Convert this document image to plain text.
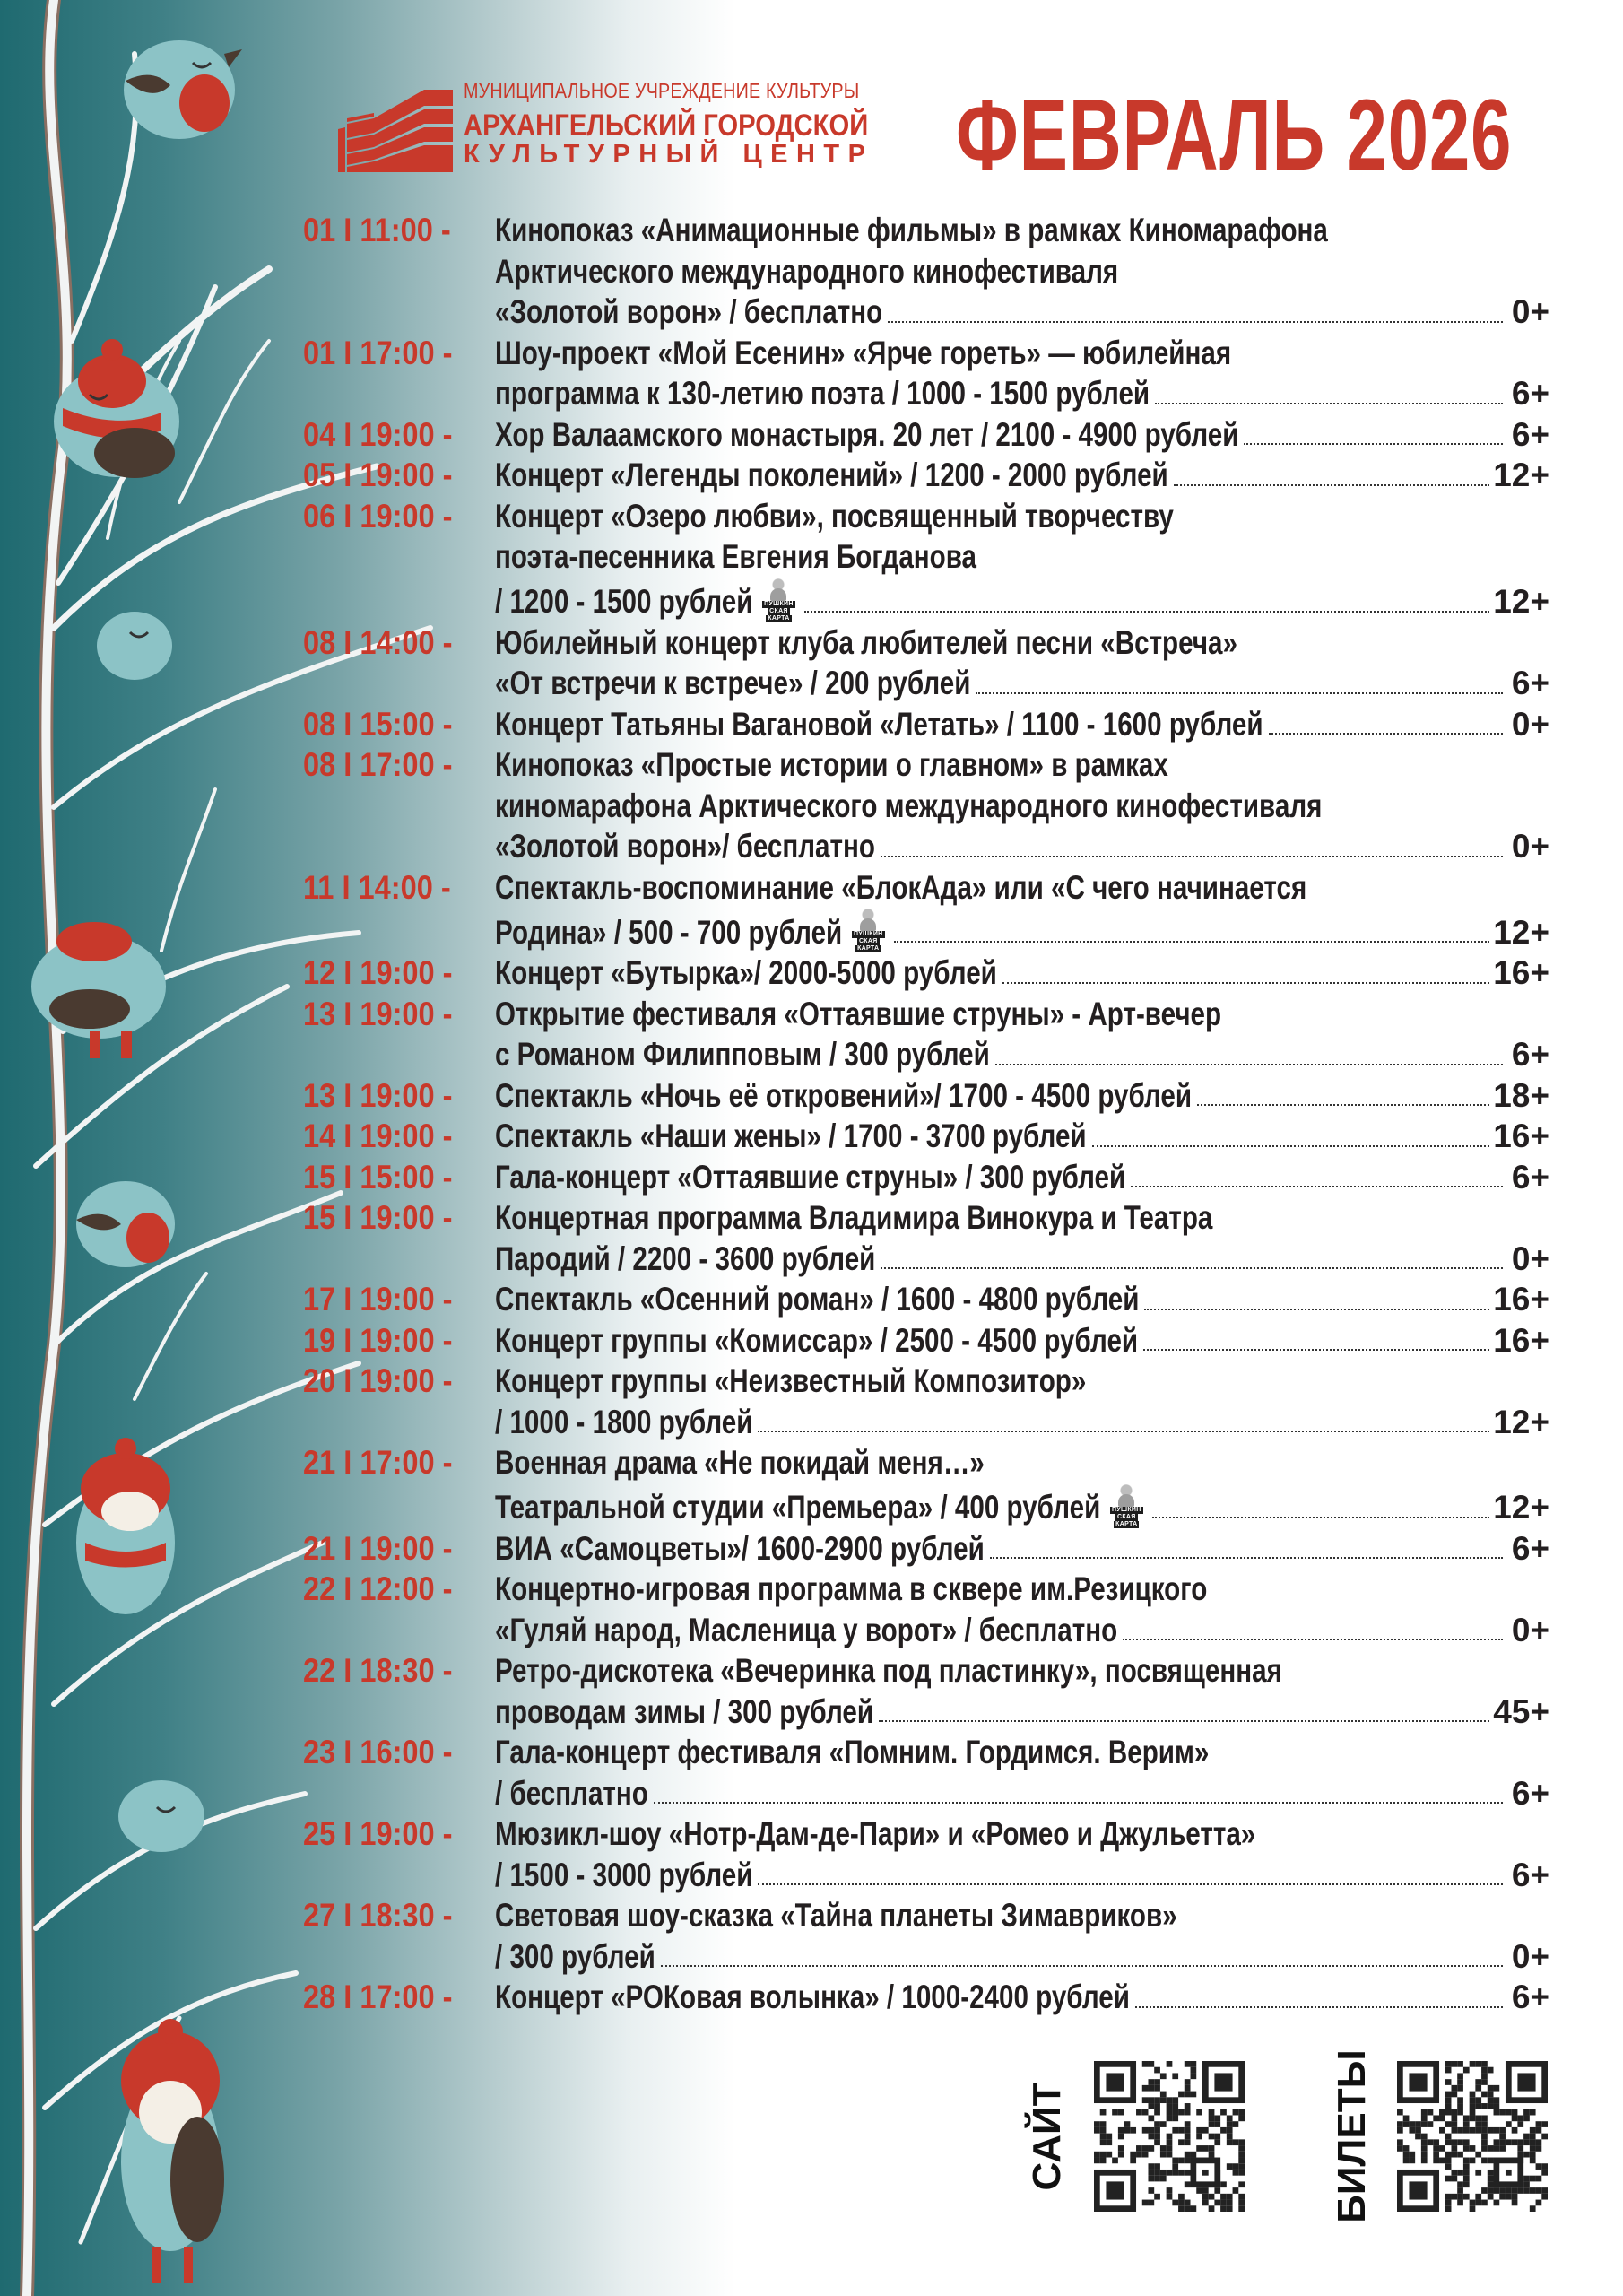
МУНИЦИПАЛЬНОЕ УЧРЕЖДЕНИЕ КУЛЬТУРЫ
АРХАНГЕЛЬСКИЙ ГОРОДСКОЙ
КУЛЬТУРНЫЙ ЦЕНТР ФЕВРАЛЬ 2026
01 I 11:00 -	Кинопоказ «Анимационные фильмы» в рамках Киномарафона
Арктического международного кинофестиваля
«Золотой ворон» / бесплатно	0+
01 I 17:00 -	Шоу-проект «Мой Есенин» «Ярче гореть» — юбилейная
программа к 130-летию поэта / 1000 - 1500 рублей	6+
04 I 19:00 -	Хор Валаамского монастыря. 20 лет / 2100 - 4900 рублей	6+
05 I 19:00 -	Концерт «Легенды поколений» / 1200 - 2000 рублей	12+
06 I 19:00 -	Концерт «Озеро любви», посвященный творчеству
поэта-песенника Евгения Богданова
/ 1200 - 1500 рублей ПУШКИН
СКАЯ
КАРТА	12+
08 I 14:00 -	Юбилейный концерт клуба любителей песни «Встреча»
«От встречи к встрече» / 200 рублей	6+
08 I 15:00 -	Концерт Татьяны Вагановой «Летать» / 1100 - 1600 рублей	0+
08 I 17:00 -	Кинопоказ «Простые истории о главном» в рамках
киномарафона Арктического международного кинофестиваля
«Золотой ворон»/ бесплатно	0+
11 I 14:00 -	Спектакль-воспоминание «БлокАда» или «С чего начинается
Родина» / 500 - 700 рублей ПУШКИН
СКАЯ
КАРТА	12+
12 I 19:00 -	Концерт «Бутырка»/ 2000-5000 рублей	16+
13 I 19:00 -	Открытие фестиваля «Оттаявшие струны» - Арт-вечер
с Романом Филипповым / 300 рублей	6+
13 I 19:00 -	Спектакль «Ночь её откровений»/ 1700 - 4500 рублей	18+
14 I 19:00 -	Спектакль «Наши жены» / 1700 - 3700 рублей	16+
15 I 15:00 -	Гала-концерт «Оттаявшие струны» / 300 рублей	6+
15 I 19:00 -	Концертная программа Владимира Винокура и Театра
Пародий / 2200 - 3600 рублей	0+
17 I 19:00 -	Спектакль «Осенний роман» / 1600 - 4800 рублей	16+
19 I 19:00 -	Концерт группы «Комиссар» / 2500 - 4500 рублей	16+
20 I 19:00 -	Концерт группы «Неизвестный Композитор»
/ 1000 - 1800 рублей	12+
21 I 17:00 -	Военная драма «Не покидай меня…»
Театральной студии «Премьера» / 400 рублей ПУШКИН
СКАЯ
КАРТА	12+
21 I 19:00 -	ВИА «Самоцветы»/ 1600-2900 рублей	6+
22 I 12:00 -	Концертно-игровая программа в сквере им.Резицкого
«Гуляй народ, Масленица у ворот» / бесплатно	0+
22 I 18:30 -	Ретро-дискотека «Вечеринка под пластинку», посвященная
проводам зимы / 300 рублей	45+
23 I 16:00 -	Гала-концерт фестиваля «Помним. Гордимся. Верим»
/ бесплатно	6+
25 I 19:00 -	Мюзикл-шоу «Нотр-Дам-де-Пари» и «Ромео и Джульетта»
/ 1500 - 3000 рублей	6+
27 I 18:30 -	Световая шоу-сказка «Тайна планеты Зимавриков»
/ 300 рублей	0+
28 I 17:00 -	Концерт «РОКовая волынка» / 1000-2400 рублей	6+
САЙТ	БИЛЕТЫ
